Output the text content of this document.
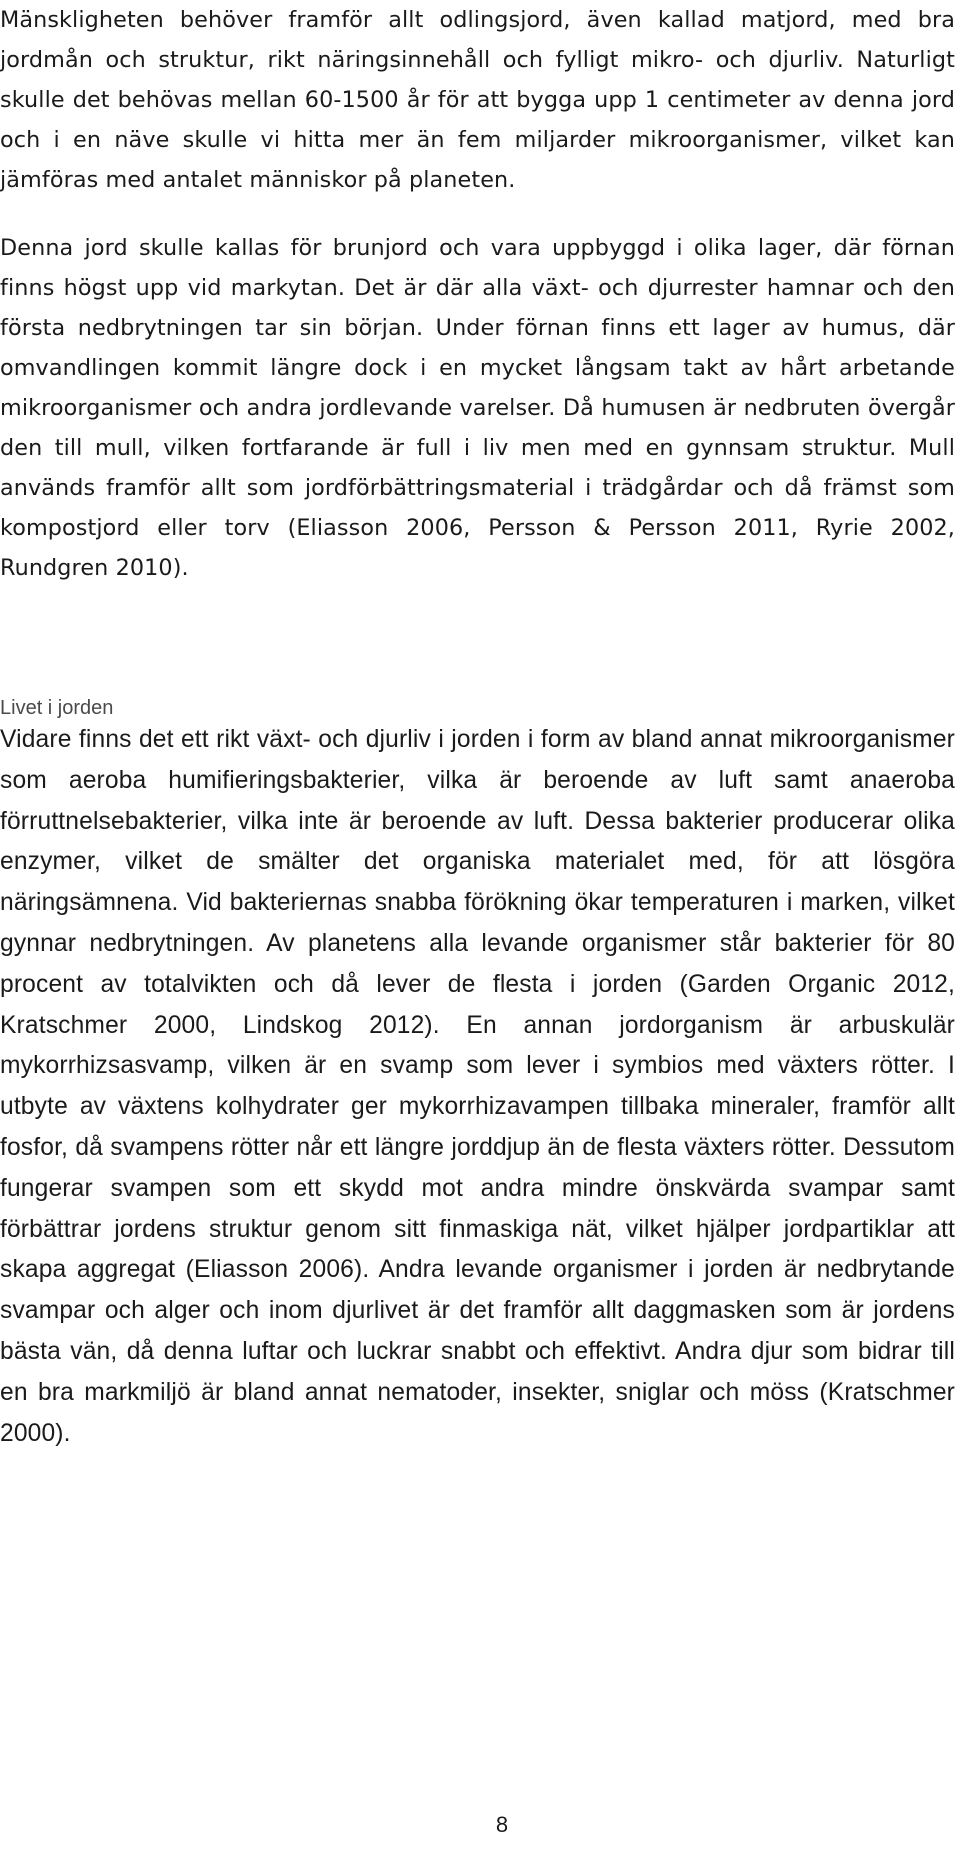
Mänskligheten behöver framför allt odlingsjord, även kallad matjord, med bra jordmån och struktur, rikt näringsinnehåll och fylligt mikro- och djurliv. Naturligt skulle det behövas mellan 60-1500 år för att bygga upp 1 centimeter av denna jord och i en näve skulle vi hitta mer än fem miljarder mikroorganismer, vilket kan jämföras med antalet människor på planeten.

Denna jord skulle kallas för brunjord och vara uppbyggd i olika lager, där förnan finns högst upp vid markytan. Det är där alla växt- och djurrester hamnar och den första nedbrytningen tar sin början. Under förnan finns ett lager av humus, där omvandlingen kommit längre dock i en mycket långsam takt av hårt arbetande mikroorganismer och andra jordlevande varelser. Då humusen är nedbruten övergår den till mull, vilken fortfarande är full i liv men med en gynnsam struktur. Mull används framför allt som jordförbättringsmaterial i trädgårdar och då främst som kompostjord eller torv (Eliasson 2006, Persson & Persson 2011, Ryrie 2002, Rundgren 2010).

Livet i jorden

Vidare finns det ett rikt växt- och djurliv i jorden i form av bland annat mikroorganismer som aeroba humifieringsbakterier, vilka är beroende av luft samt anaeroba förruttnelsebakterier, vilka inte är beroende av luft. Dessa bakterier producerar olika enzymer, vilket de smälter det organiska materialet med, för att lösgöra näringsämnena. Vid bakteriernas snabba förökning ökar temperaturen i marken, vilket gynnar nedbrytningen. Av planetens alla levande organismer står bakterier för 80 procent av totalvikten och då lever de flesta i jorden (Garden Organic 2012, Kratschmer 2000, Lindskog 2012). En annan jordorganism är arbuskulär mykorrhizsasvamp, vilken är en svamp som lever i symbios med växters rötter. I utbyte av växtens kolhydrater ger mykorrhizavampen tillbaka mineraler, framför allt fosfor, då svampens rötter når ett längre jorddjup än de flesta växters rötter. Dessutom fungerar svampen som ett skydd mot andra mindre önskvärda svampar samt förbättrar jordens struktur genom sitt finmaskiga nät, vilket hjälper jordpartiklar att skapa aggregat (Eliasson 2006). Andra levande organismer i jorden är nedbrytande svampar och alger och inom djurlivet är det framför allt daggmasken som är jordens bästa vän, då denna luftar och luckrar snabbt och effektivt. Andra djur som bidrar till en bra markmiljö är bland annat nematoder, insekter, sniglar och möss (Kratschmer 2000).

8
